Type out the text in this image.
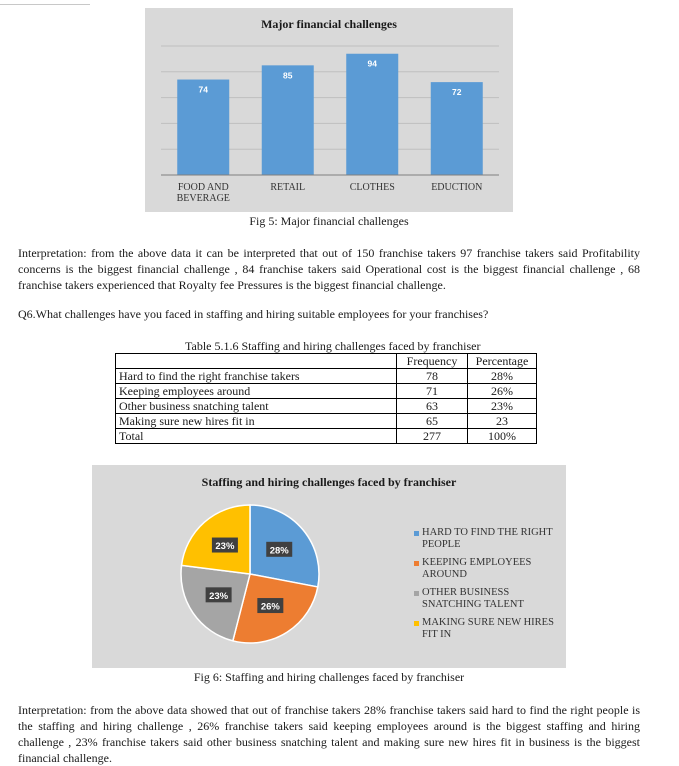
Major financial challenges
74
FOOD AND BEVERAGE
85
RETAIL
94
CLOTHES
72
EDUCTION
Fig 5: Major financial challenges
Interpretation: from the above data it can be interpreted that out of 150 franchise takers 97 franchise takers said Profitability concerns is the biggest financial challenge , 84 franchise takers said Operational cost is the biggest financial challenge , 68 franchise takers experienced that Royalty fee Pressures is the biggest financial challenge.
Q6.What challenges have you faced in staffing and hiring suitable employees for your franchises?
Table 5.1.6 Staffing and hiring challenges faced by franchiser
	Frequency	Percentage
Hard to find the right franchise takers	78	28%
Keeping employees around	71	26%
Other business snatching talent	63	23%
Making sure new hires fit in	65	23
Total	277	100%
Staffing and hiring challenges faced by franchiser
28%
26%
23%
23%
HARD TO FIND THE RIGHT
PEOPLE
KEEPING EMPLOYEES
AROUND
OTHER BUSINESS
SNATCHING TALENT
MAKING SURE NEW HIRES
FIT IN
Fig 6: Staffing and hiring challenges faced by franchiser
Interpretation: from the above data showed that out of franchise takers 28% franchise takers said hard to find the right people is the staffing and hiring challenge , 26% franchise takers said keeping employees around is the biggest staffing and hiring challenge , 23% franchise takers said other business snatching talent and making sure new hires fit in business is the biggest financial challenge.
